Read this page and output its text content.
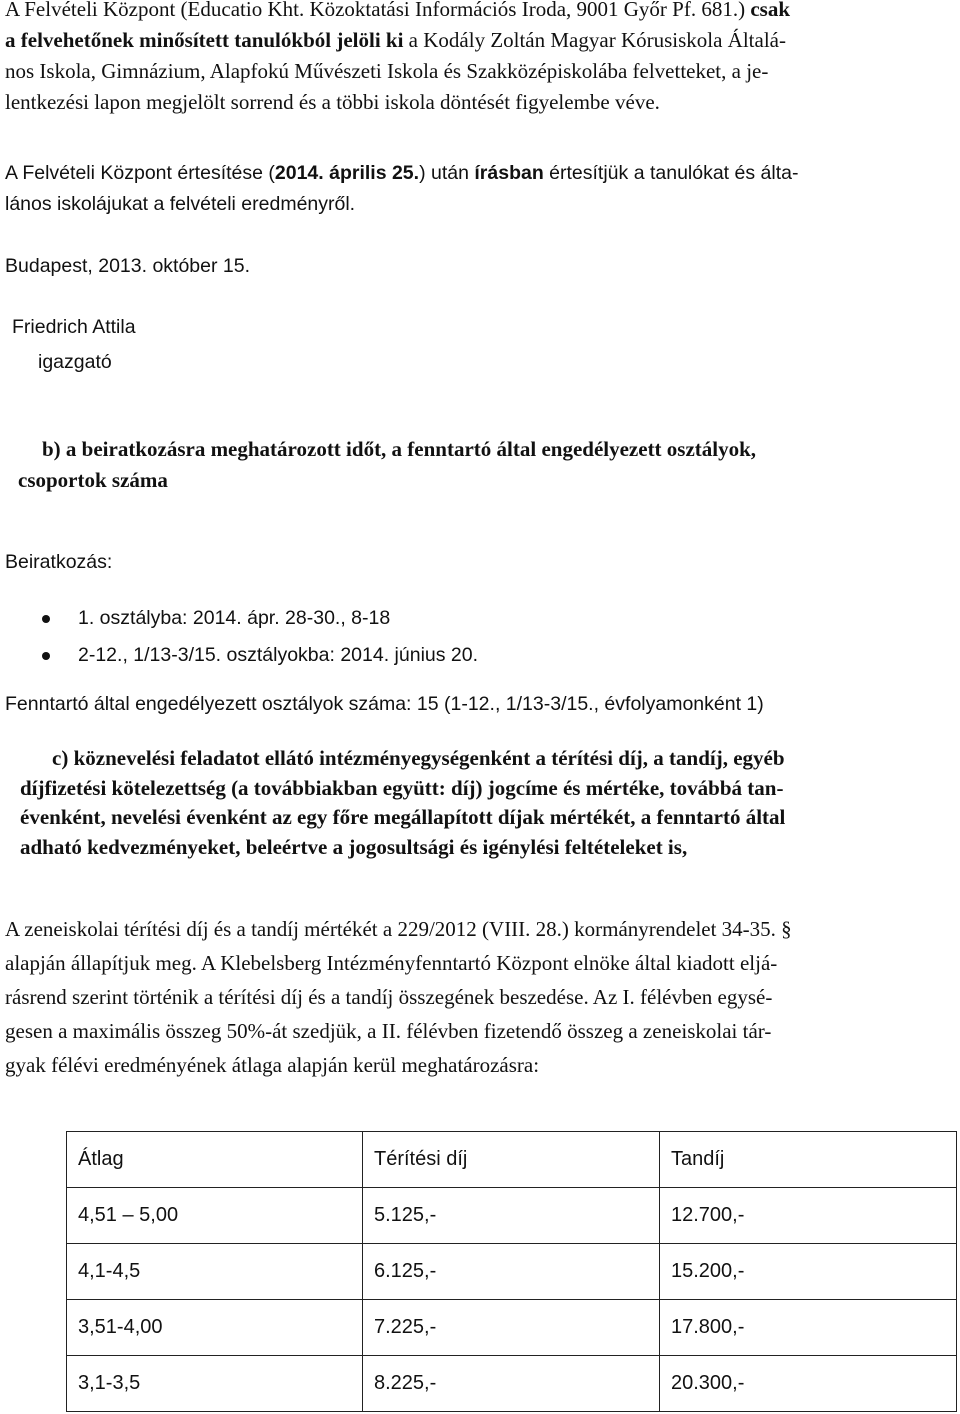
A Felvételi Központ (Educatio Kht. Közoktatási Információs Iroda, 9001 Győr Pf. 681.) csak
a felvehetőnek minősített tanulókból jelöli ki a Kodály Zoltán Magyar Kórusiskola Általá-
nos Iskola, Gimnázium, Alapfokú Művészeti Iskola és Szakközépiskolába felvetteket, a je-
lentkezési lapon megjelölt sorrend és a többi iskola döntését figyelembe véve.
A Felvételi Központ értesítése (2014. április 25.) után írásban értesítjük a tanulókat és álta-
lános iskolájukat a felvételi eredményről.
Budapest, 2013. október 15.
Friedrich Attila
igazgató
b) a beiratkozásra meghatározott időt, a fenntartó által engedélyezett osztályok,
csoportok száma
Beiratkozás:
1. osztályba: 2014. ápr. 28-30., 8-18
2-12., 1/13-3/15. osztályokba: 2014. június 20.
Fenntartó által engedélyezett osztályok száma: 15 (1-12., 1/13-3/15., évfolyamonként 1)
c) köznevelési feladatot ellátó intézményegységenként a térítési díj, a tandíj, egyéb
díjfizetési kötelezettség (a továbbiakban együtt: díj) jogcíme és mértéke, továbbá tan-
évenként, nevelési évenként az egy főre megállapított díjak mértékét, a fenntartó által
adható kedvezményeket, beleértve a jogosultsági és igénylési feltételeket is,
A zeneiskolai térítési díj és a tandíj mértékét a 229/2012 (VIII. 28.) kormányrendelet 34-35. §
alapján állapítjuk meg. A Klebelsberg Intézményfenntartó Központ elnöke által kiadott eljá-
rásrend szerint történik a térítési díj és a tandíj összegének beszedése. Az I. félévben egysé-
gesen a maximális összeg 50%-át szedjük, a II. félévben fizetendő összeg a zeneiskolai tár-
gyak félévi eredményének átlaga alapján kerül meghatározásra:
Átlag	Térítési díj	Tandíj
4,51 – 5,00	5.125,-	12.700,-
4,1-4,5	6.125,-	15.200,-
3,51-4,00	7.225,-	17.800,-
3,1-3,5	8.225,-	20.300,-
